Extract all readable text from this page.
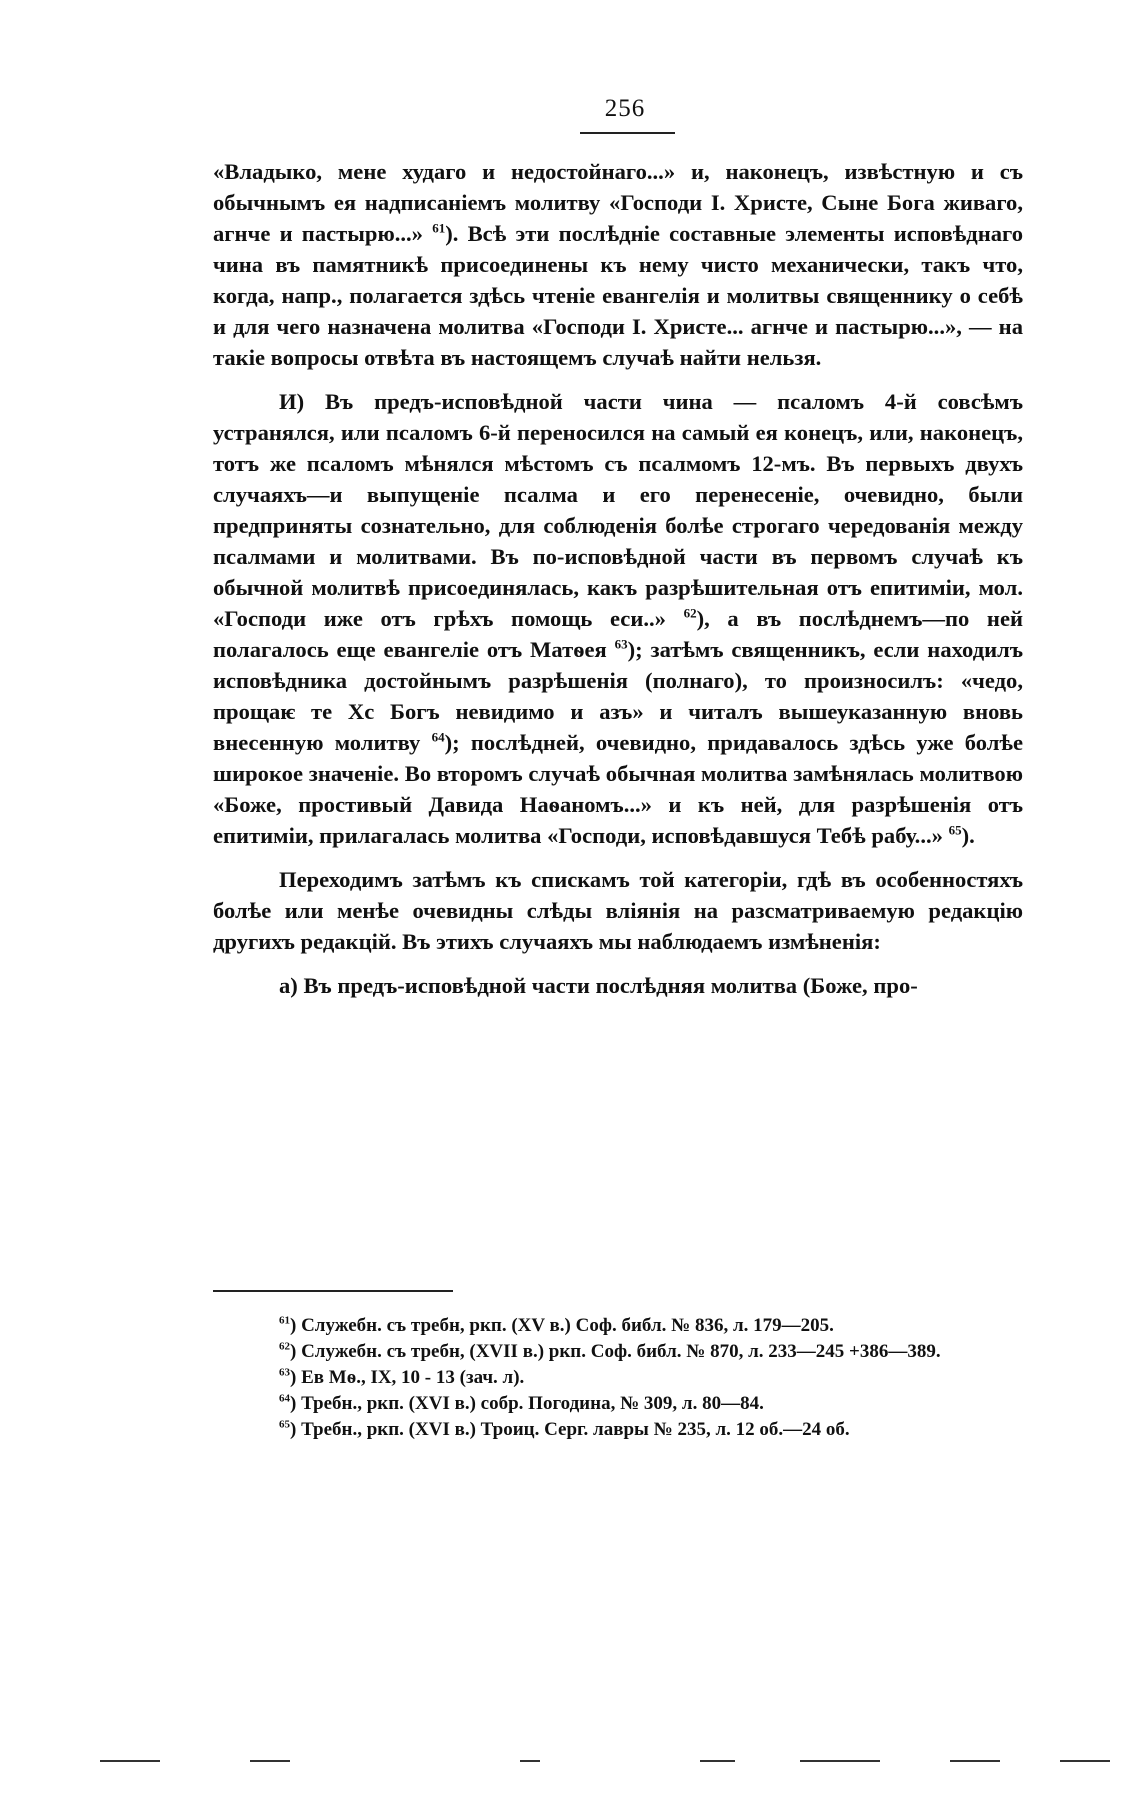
256

«Владыко, мене худаго и недостойнаго...» и, наконецъ, извѣстную и съ обычнымъ ея надписаніемъ молитву «Господи І. Христе, Сыне Бога живаго, агнче и пастырю...» $^{61}$). Всѣ эти послѣдніе составные элементы исповѣднаго чина въ памятникѣ присоединены къ нему чисто механически, такъ что, когда, напр., полагается здѣсь чтеніе евангелія и молитвы священнику о себѣ и для чего назначена молитва «Господи І. Христе... агнче и пастырю...», — на такіе вопросы отвѣта въ настоящемъ случаѣ найти нельзя.

И) Въ предъ-исповѣдной части чина — псаломъ 4-й совсѣмъ устранялся, или псаломъ 6-й переносился на самый ея конецъ, или, наконецъ, тотъ же псаломъ мѣнялся мѣстомъ съ псалмомъ 12-мъ. Въ первыхъ двухъ случаяхъ—и выпущеніе псалма и его перенесеніе, очевидно, были предприняты сознательно, для соблюденія болѣе строгаго чередованія между псалмами и молитвами. Въ по-исповѣдной части въ первомъ случаѣ къ обычной молитвѣ присоединялась, какъ разрѣшительная отъ епитиміи, мол. «Господи иже отъ грѣхъ помощь еси..» $^{62}$), а въ послѣднемъ—по ней полагалось еще евангеліе отъ Матѳея $^{63}$); затѣмъ священникъ, если находилъ исповѣдника достойнымъ разрѣшенія (полнаго), то произносилъ: «чедо, прощаѥ те Хс Богъ невидимо и азъ» и читалъ вышеуказанную вновь внесенную молитву $^{64}$); послѣдней, очевидно, придавалось здѣсь уже болѣе широкое значеніе. Во второмъ случаѣ обычная молитва замѣнялась молитвою «Боже, простивый Давида Наѳаномъ...» и къ ней, для разрѣшенія отъ епитиміи, прилагалась молитва «Господи, исповѣдавшуся Тебѣ рабу...» $^{65}$).

Переходимъ затѣмъ къ спискамъ той категоріи, гдѣ въ особенностяхъ болѣе или менѣе очевидны слѣды вліянія на разсматриваемую редакцію другихъ редакцій. Въ этихъ случаяхъ мы наблюдаемъ измѣненія:

а) Въ предъ-исповѣдной части послѣдняя молитва (Боже, про-

$^{61}$) Служебн. съ требн, ркп. (XV в.) Соф. библ. № 836, л. 179—205.

$^{62}$) Служебн. съ требн, (XVII в.) ркп. Соф. библ. № 870, л. 233—245 +386—389.

$^{63}$) Ев Мѳ., IX, 10 - 13 (зач. л).

$^{64}$) Требн., ркп. (XVI в.) собр. Погодина, № 309, л. 80—84.

$^{65}$) Требн., ркп. (XVI в.) Троиц. Серг. лавры № 235, л. 12 об.—24 об.
